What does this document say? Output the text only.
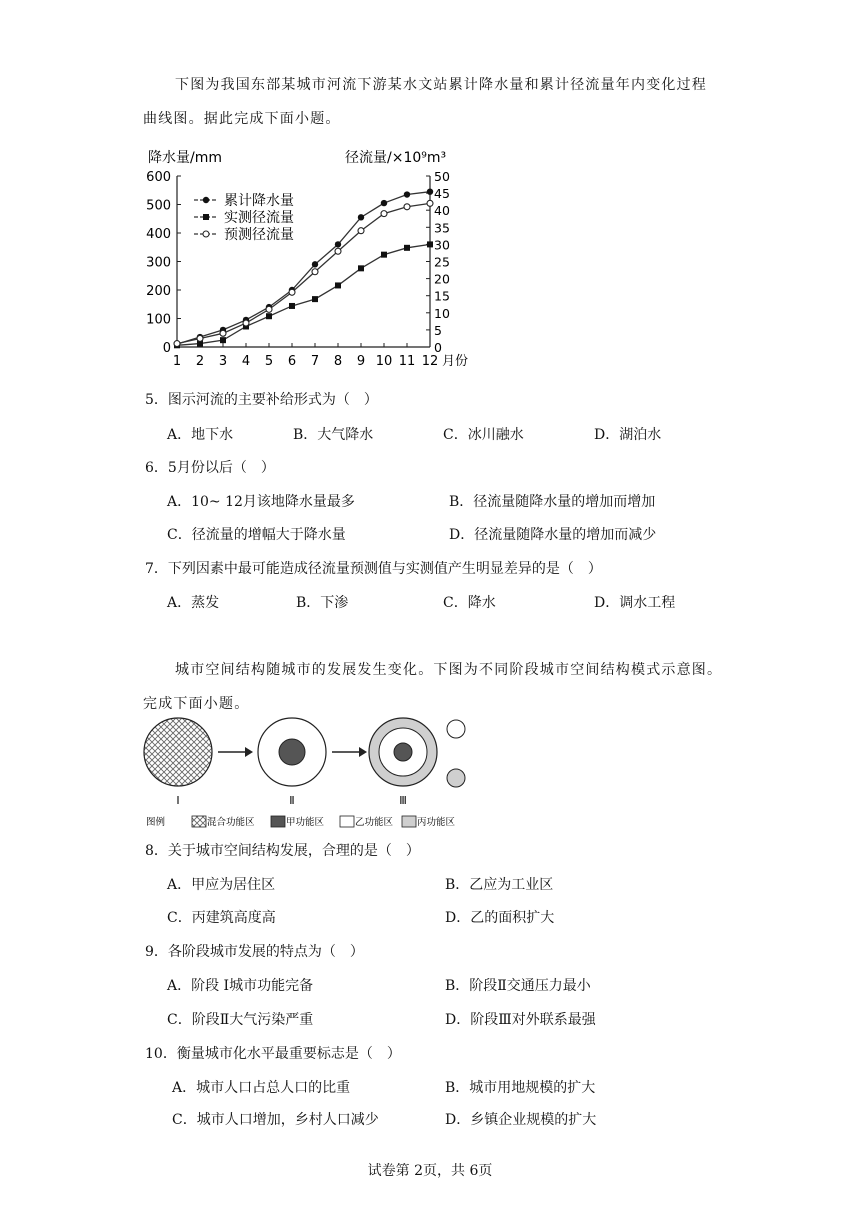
下图为我国东部某城市河流下游某水文站累计降水量和累计径流量年内变化过程
曲线图。据此完成下面小题。
降水量/mm	径流量/×10⁹m³
600
500
400
300
200
100
0
50
45
40
35
30
25
20
15
10
5
0
1 2 3 4 5 6 7 8 9 10 11 12 月份
累计降水量
实测径流量
预测径流量
5．图示河流的主要补给形式为（　）
A．地下水	B．大气降水	C．冰川融水	D．湖泊水
6．5月份以后（　）
A．10~ 12月该地降水量最多	B．径流量随降水量的增加而增加
C．径流量的增幅大于降水量	D．径流量随降水量的增加而减少
7．下列因素中最可能造成径流量预测值与实测值产生明显差异的是（　）
A．蒸发	B．下渗	C．降水	D．调水工程
城市空间结构随城市的发展发生变化。下图为不同阶段城市空间结构模式示意图。
完成下面小题。
Ⅰ	Ⅱ	Ⅲ
图例	混合功能区	甲功能区	乙功能区	丙功能区
8．关于城市空间结构发展，合理的是（　）
A．甲应为居住区	B．乙应为工业区
C．丙建筑高度高	D．乙的面积扩大
9．各阶段城市发展的特点为（　）
A．阶段 Ⅰ城市功能完备	B．阶段Ⅱ交通压力最小
C．阶段Ⅱ大气污染严重	D．阶段Ⅲ对外联系最强
10．衡量城市化水平最重要标志是（　）
A．城市人口占总人口的比重	B．城市用地规模的扩大
C．城市人口增加，乡村人口减少	D．乡镇企业规模的扩大
试卷第 2页，共 6页
